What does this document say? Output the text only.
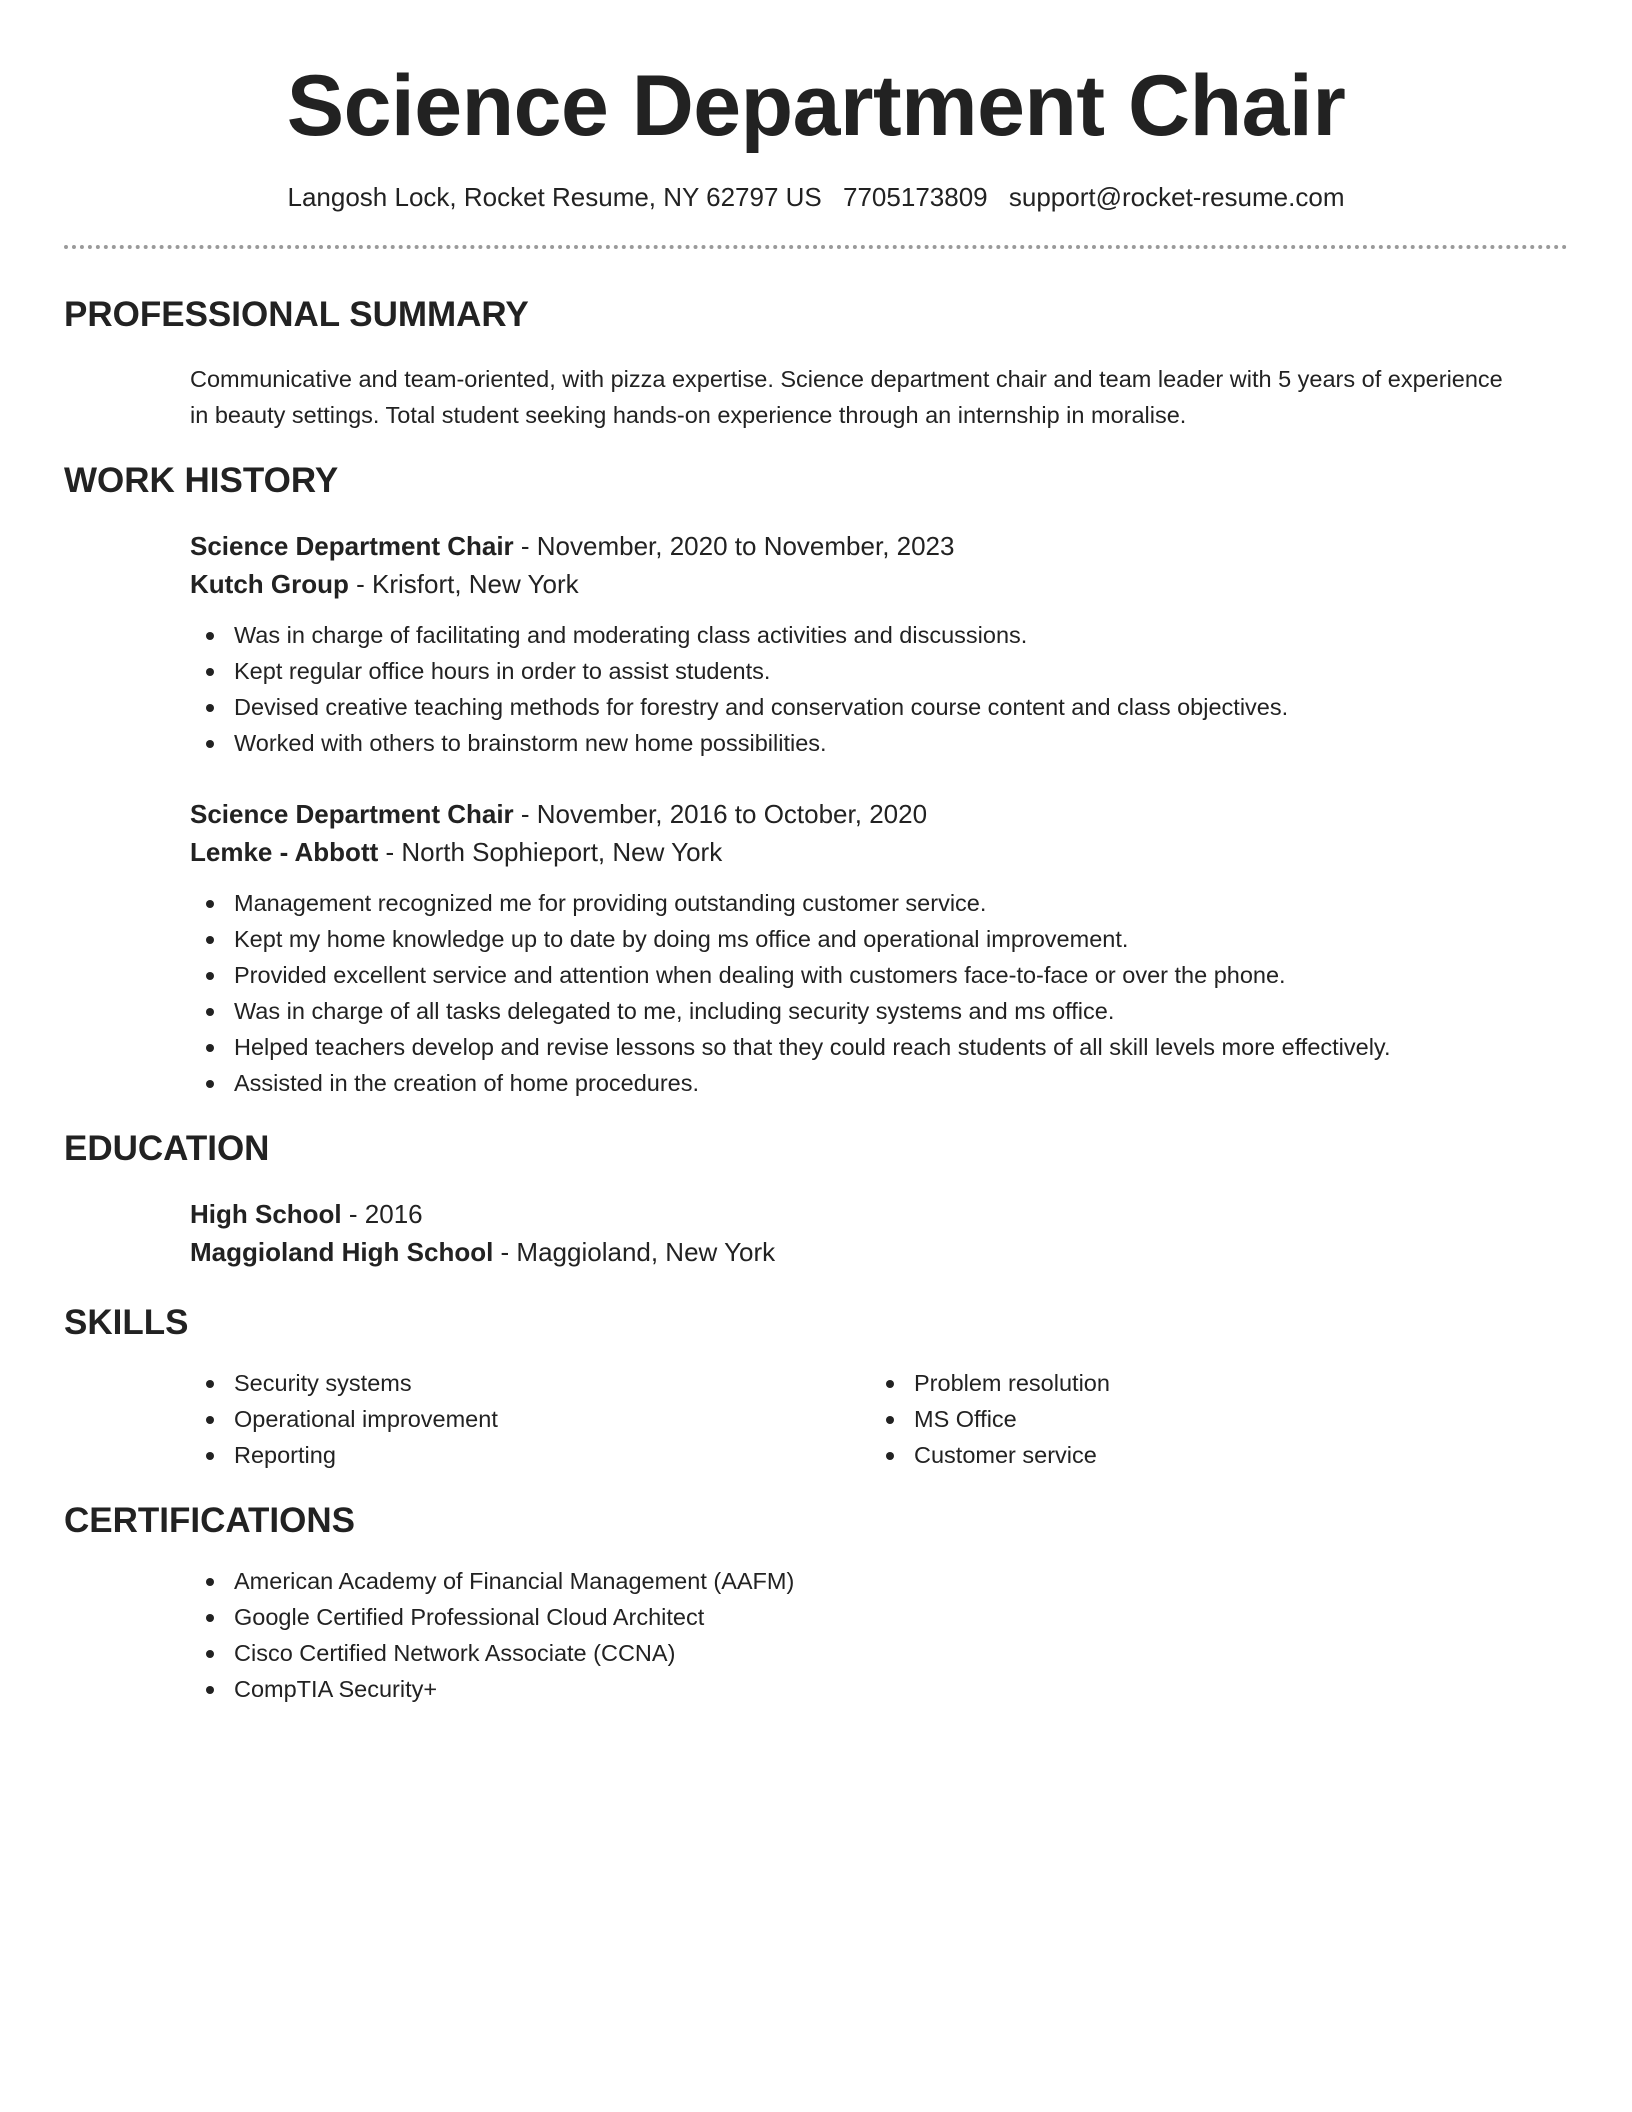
Science Department Chair
Langosh Lock, Rocket Resume, NY 62797 US 7705173809 support@rocket-resume.com
PROFESSIONAL SUMMARY

Communicative and team-oriented, with pizza expertise. Science department chair and team leader with 5 years of experience in beauty settings. Total student seeking hands-on experience through an internship in moralise.

WORK HISTORY
Science Department Chair - November, 2020 to November, 2023
Kutch Group - Krisfort, New York
Was in charge of facilitating and moderating class activities and discussions.
Kept regular office hours in order to assist students.
Devised creative teaching methods for forestry and conservation course content and class objectives.
Worked with others to brainstorm new home possibilities.
Science Department Chair - November, 2016 to October, 2020
Lemke - Abbott - North Sophieport, New York
Management recognized me for providing outstanding customer service.
Kept my home knowledge up to date by doing ms office and operational improvement.
Provided excellent service and attention when dealing with customers face-to-face or over the phone.
Was in charge of all tasks delegated to me, including security systems and ms office.
Helped teachers develop and revise lessons so that they could reach students of all skill levels more effectively.
Assisted in the creation of home procedures.
EDUCATION
High School - 2016
Maggioland High School - Maggioland, New York
SKILLS
Security systems
Operational improvement
Reporting
Problem resolution
MS Office
Customer service
CERTIFICATIONS
American Academy of Financial Management (AAFM)
Google Certified Professional Cloud Architect
Cisco Certified Network Associate (CCNA)
CompTIA Security+
